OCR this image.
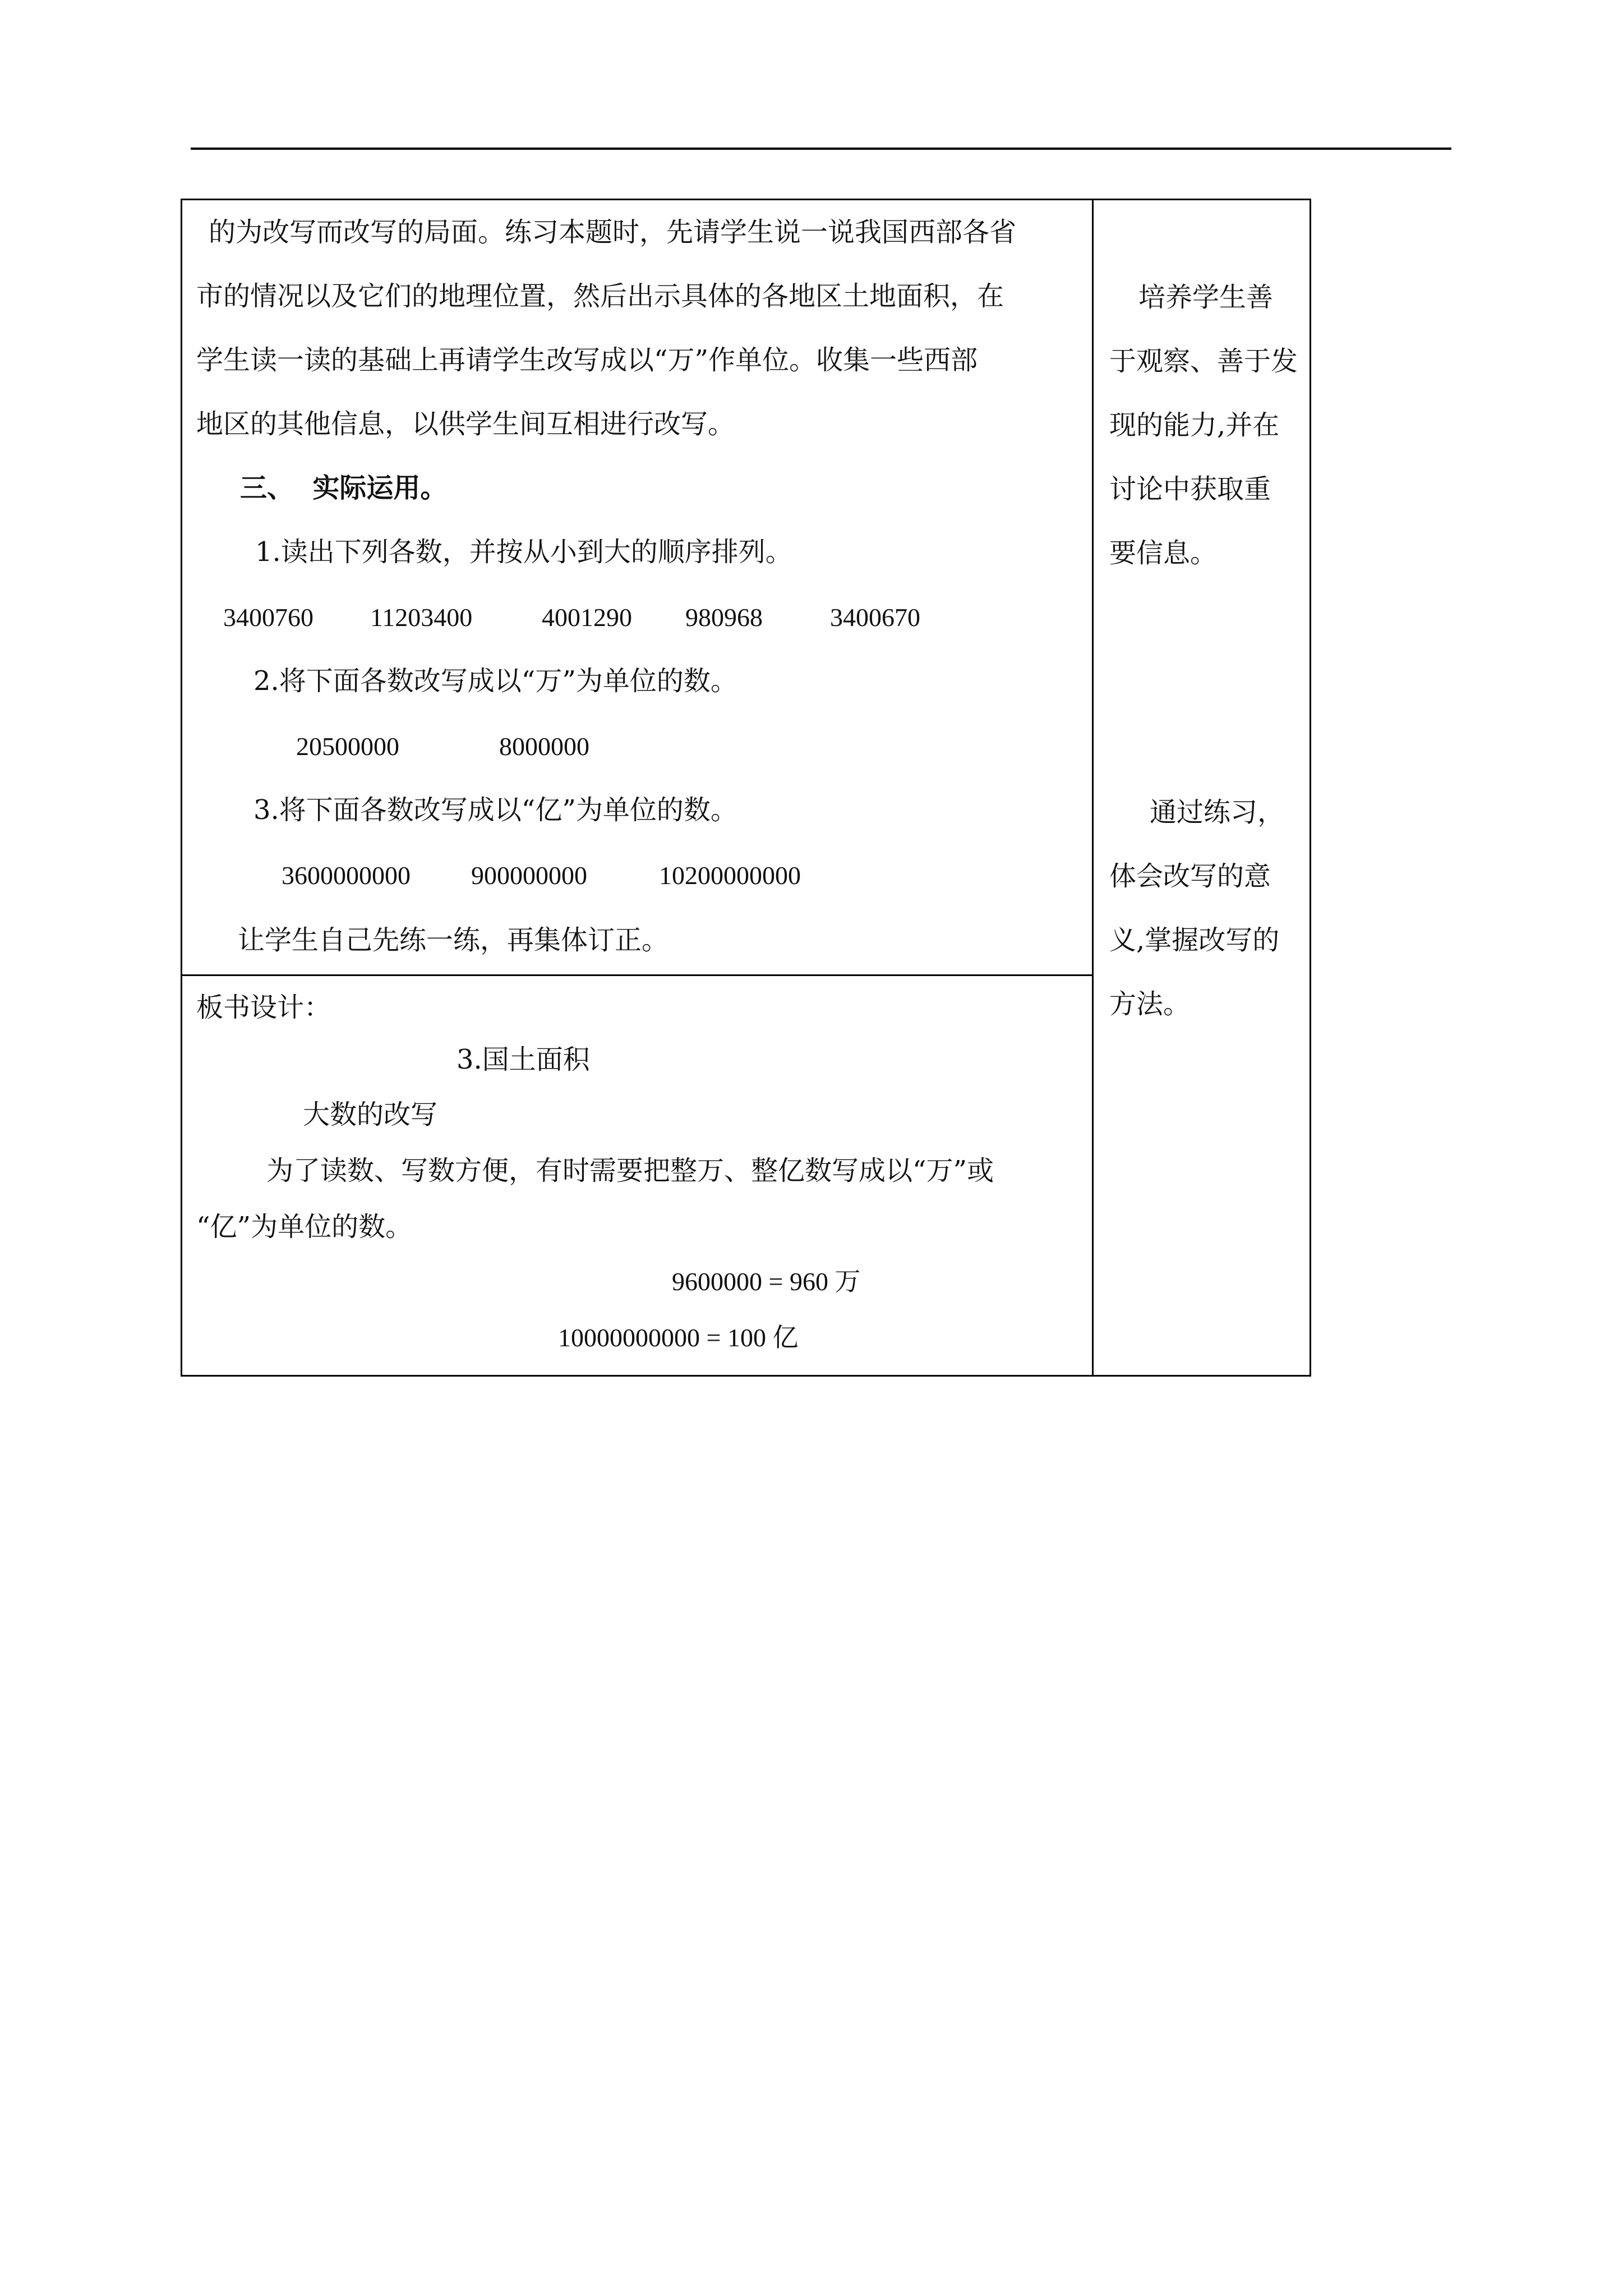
的为改写而改写的局面。练习本题时，先请学生说一说我国西部各省
市的情况以及它们的地理位置，然后出示具体的各地区土地面积，在
学生读一读的基础上再请学生改写成以“万”作单位。收集一些西部
地区的其他信息，以供学生间互相进行改写。
三、  实际运用。
1.读出下列各数，并按从小到大的顺序排列。
3400760 11203400	4001290 980968	3400670
2.将下面各数改写成以“万”为单位的数。
20500000	8000000
3.将下面各数改写成以“亿”为单位的数。
3600000000 900000000	10200000000
让学生自己先练一练，再集体订正。
板书设计：
3.国土面积
大数的改写
为了读数、写数方便，有时需要把整万、整亿数写成以“万”或
“亿”为单位的数。
9600000 = 960 万
10000000000 = 100 亿
培养学生善
于观察、善于发
现的能力,并在
讨论中获取重
要信息。
通过练习，
体会改写的意
义,掌握改写的
方法。
